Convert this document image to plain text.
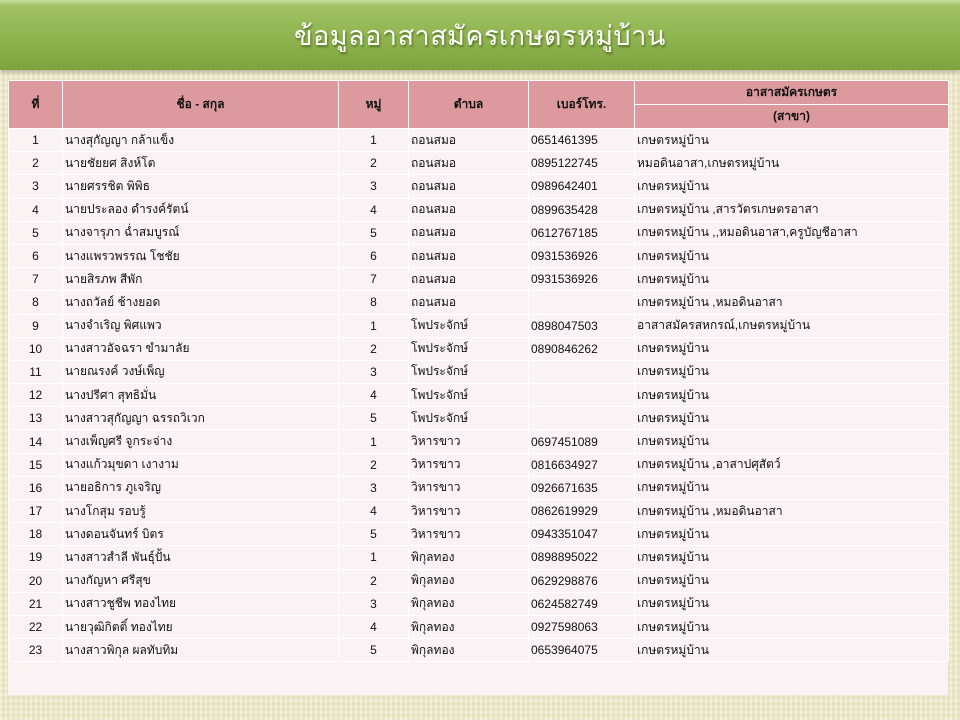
ข้อมูลอาสาสมัครเกษตรหมู่บ้าน
ที่	ชื่อ - สกุล	หมู่	ตำบล	เบอร์โทร.	อาสาสมัครเกษตร
					(สาขา)
1	นางสุกัญญา กล้าแข็ง	1	ถอนสมอ	0651461395	เกษตรหมู่บ้าน
2	นายชัยยศ สิงห์โต	2	ถอนสมอ	0895122745	หมอดินอาสา,เกษตรหมู่บ้าน
3	นายศรรชิต พิพิธ	3	ถอนสมอ	0989642401	เกษตรหมู่บ้าน
4	นายประลอง ดำรงค์รัตน์	4	ถอนสมอ	0899635428	เกษตรหมู่บ้าน ,สารวัตรเกษตรอาสา
5	นางจารุภา ฉ่ำสมบูรณ์	5	ถอนสมอ	0612767185	เกษตรหมู่บ้าน ,,หมอดินอาสา,ครูบัญชีอาสา
6	นางแพรวพรรณ โชชัย	6	ถอนสมอ	0931536926	เกษตรหมู่บ้าน
7	นายสิรภพ สีพัก	7	ถอนสมอ	0931536926	เกษตรหมู่บ้าน
8	นางถวัลย์ ช้างยอด	8	ถอนสมอ		เกษตรหมู่บ้าน ,หมอดินอาสา
9	นางจำเริญ พิศแพว	1	โพประจักษ์	0898047503	อาสาสมัครสหกรณ์,เกษตรหมู่บ้าน
10	นางสาวอัจฉรา ขำมาลัย	2	โพประจักษ์	0890846262	เกษตรหมู่บ้าน
11	นายณรงค์ วงษ์เพ็ญ	3	โพประจักษ์		เกษตรหมู่บ้าน
12	นางปรีศา สุทธิมั่น	4	โพประจักษ์		เกษตรหมู่บ้าน
13	นางสาวสุกัญญา ฉรรถวิเวก	5	โพประจักษ์		เกษตรหมู่บ้าน
14	นางเพ็ญศรี จูกระจ่าง	1	วิหารขาว	0697451089	เกษตรหมู่บ้าน
15	นางแก้วมุขดา เงางาม	2	วิหารขาว	0816634927	เกษตรหมู่บ้าน ,อาสาปศุสัตว์
16	นายอธิการ ภูเจริญ	3	วิหารขาว	0926671635	เกษตรหมู่บ้าน
17	นางโกสุม รอบรู้	4	วิหารขาว	0862619929	เกษตรหมู่บ้าน ,หมอดินอาสา
18	นางดอนจันทร์ บิตร	5	วิหารขาว	0943351047	เกษตรหมู่บ้าน
19	นางสาวสำลี พันธุ์ปั้น	1	พิกุลทอง	0898895022	เกษตรหมู่บ้าน
20	นางกัญหา ศรีสุข	2	พิกุลทอง	0629298876	เกษตรหมู่บ้าน
21	นางสาวชูชีพ ทองไทย	3	พิกุลทอง	0624582749	เกษตรหมู่บ้าน
22	นายวุฒิกิตติ์ ทองไทย	4	พิกุลทอง	0927598063	เกษตรหมู่บ้าน
23	นางสาวพิกุล ผลทับทิม	5	พิกุลทอง	0653964075	เกษตรหมู่บ้าน
